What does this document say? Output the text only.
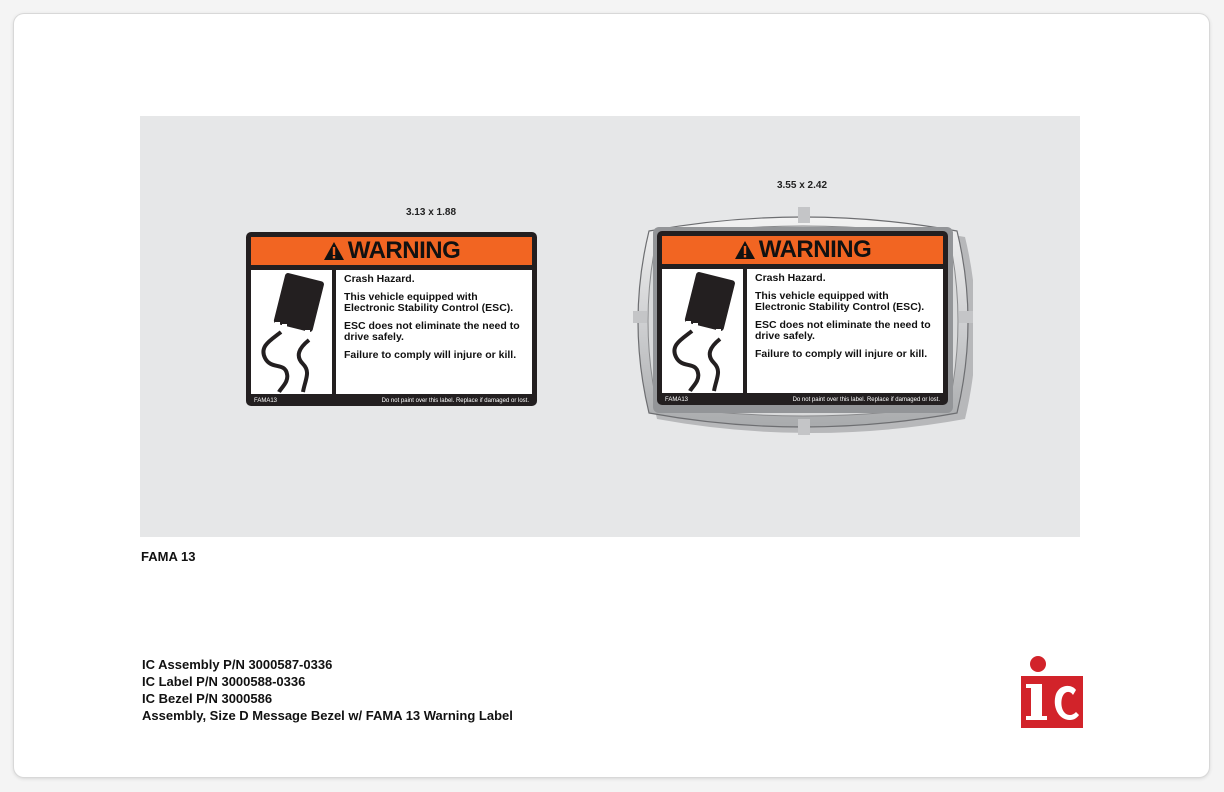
3.13 x 1.88
WARNING

Crash Hazard.

This vehicle equipped with Electronic Stability Control (ESC).

ESC does not eliminate the need to drive safely.

Failure to comply will injure or kill.

FAMA13	Do not paint over this label. Replace if damaged or lost.
3.55 x 2.42
WARNING

Crash Hazard.

This vehicle equipped with Electronic Stability Control (ESC).

ESC does not eliminate the need to drive safely.

Failure to comply will injure or kill.

FAMA13	Do not paint over this label. Replace if damaged or lost.
FAMA 13
IC Assembly P/N 3000587-0336
IC Label P/N 3000588-0336
IC Bezel P/N 3000586
Assembly, Size D Message Bezel w/ FAMA 13 Warning Label
